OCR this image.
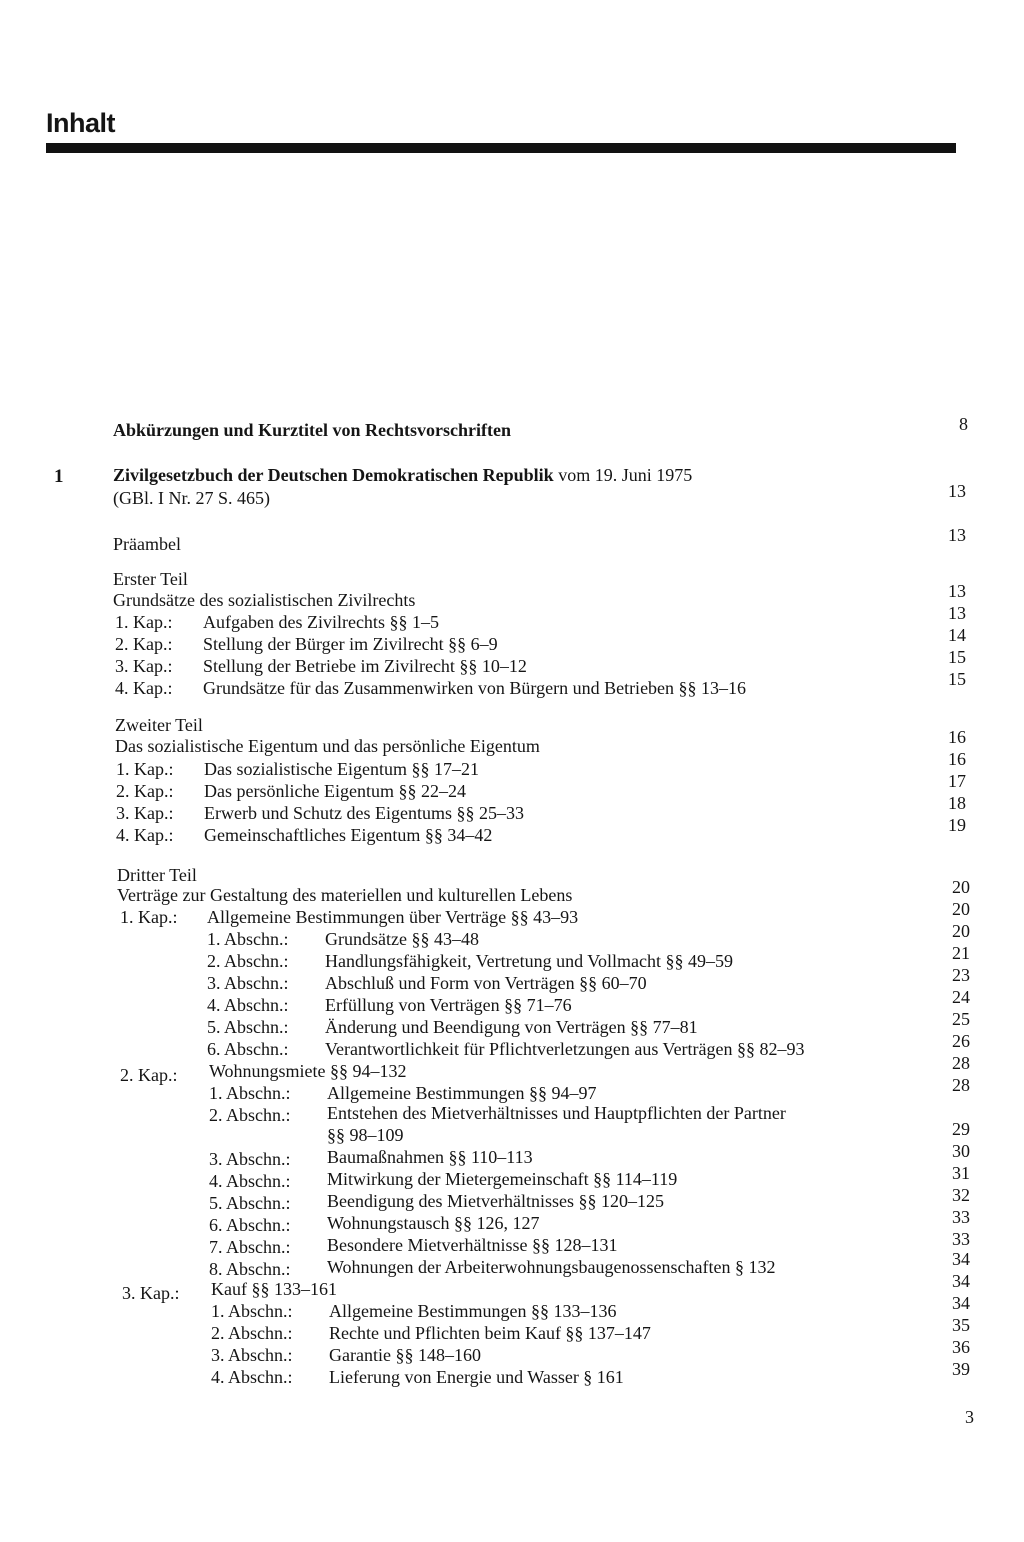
Inhalt
Abkürzungen und Kurztitel von Rechtsvorschriften	8
1	Zivilgesetzbuch der Deutschen Demokratischen Republik vom 19. Juni 1975
(GBl. I Nr. 27 S. 465)	13
Präambel	13
Erster Teil
Grundsätze des sozialistischen Zivilrechts	13
1. Kap.: Aufgaben des Zivilrechts §§ 1–5	13
2. Kap.: Stellung der Bürger im Zivilrecht §§ 6–9	14
3. Kap.: Stellung der Betriebe im Zivilrecht §§ 10–12	15
4. Kap.: Grundsätze für das Zusammenwirken von Bürgern und Betrieben §§ 13–16	15
Zweiter Teil
Das sozialistische Eigentum und das persönliche Eigentum	16
1. Kap.: Das sozialistische Eigentum §§ 17–21	16
2. Kap.: Das persönliche Eigentum §§ 22–24	17
3. Kap.: Erwerb und Schutz des Eigentums §§ 25–33	18
4. Kap.: Gemeinschaftliches Eigentum §§ 34–42	19
Dritter Teil
Verträge zur Gestaltung des materiellen und kulturellen Lebens	20
1. Kap.: Allgemeine Bestimmungen über Verträge §§ 43–93	20
1. Abschn.: Grundsätze §§ 43–48	20
2. Abschn.: Handlungsfähigkeit, Vertretung und Vollmacht §§ 49–59	21
3. Abschn.: Abschluß und Form von Verträgen §§ 60–70	23
4. Abschn.: Erfüllung von Verträgen §§ 71–76	24
5. Abschn.: Änderung und Beendigung von Verträgen §§ 77–81	25
6. Abschn.: Verantwortlichkeit für Pflichtverletzungen aus Verträgen §§ 82–93	26
2. Kap.: Wohnungsmiete §§ 94–132	28
1. Abschn.: Allgemeine Bestimmungen §§ 94–97	28
2. Abschn.: Entstehen des Mietverhältnisses und Hauptpflichten der Partner
§§ 98–109	29
3. Abschn.: Baumaßnahmen §§ 110–113	30
4. Abschn.: Mitwirkung der Mietergemeinschaft §§ 114–119	31
5. Abschn.: Beendigung des Mietverhältnisses §§ 120–125	32
6. Abschn.: Wohnungstausch §§ 126, 127	33
7. Abschn.: Besondere Mietverhältnisse §§ 128–131	33
8. Abschn.: Wohnungen der Arbeiterwohnungsbaugenossenschaften § 132	34
3. Kap.: Kauf §§ 133–161	34
1. Abschn.: Allgemeine Bestimmungen §§ 133–136	34
2. Abschn.: Rechte und Pflichten beim Kauf §§ 137–147	35
3. Abschn.: Garantie §§ 148–160	36
4. Abschn.: Lieferung von Energie und Wasser § 161	39
3
